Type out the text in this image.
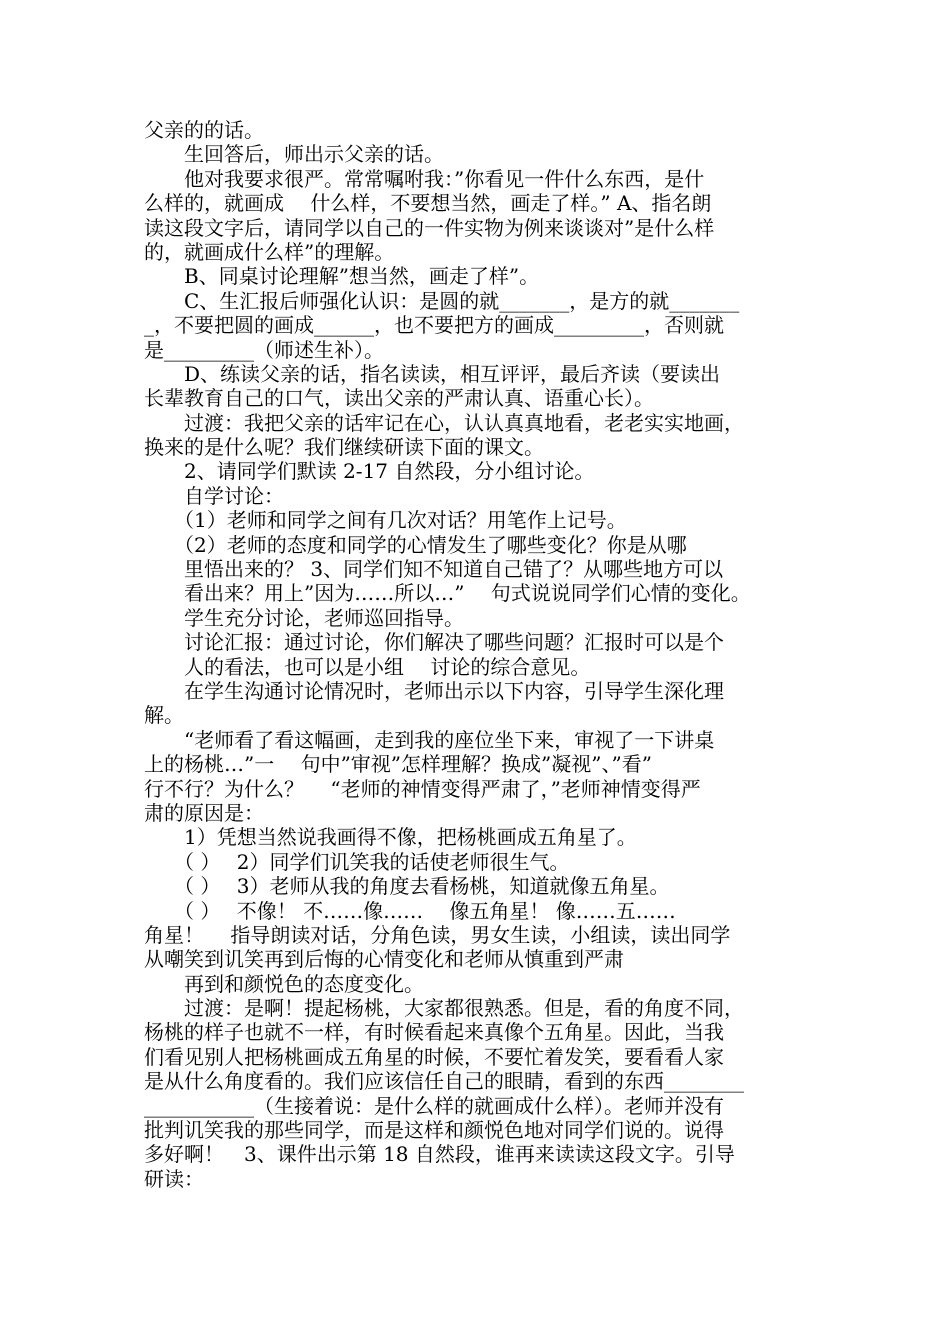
父亲的的话。
　　生回答后，师出示父亲的话。
　　他对我要求很严。常常嘱咐我：”你看见一件什么东西，是什
么样的，就画成　 什么样，不要想当然，画走了样。” A、指名朗
读这段文字后，请同学以自己的一件实物为例来谈谈对”是什么样
的，就画成什么样”的理解。
　　B、同桌讨论理解”想当然，画走了样”。
　　C、生汇报后师强化认识：是圆的就_______，是方的就_______
_，不要把圆的画成______，也不要把方的画成_________，否则就
是_________（师述生补）。
　　D、练读父亲的话，指名读读，相互评评，最后齐读（要读出
长辈教育自己的口气，读出父亲的严肃认真、语重心长）。
　　过渡：我把父亲的话牢记在心，认认真真地看，老老实实地画，
换来的是什么呢？我们继续研读下面的课文。
　　2、请同学们默读 2-17 自然段，分小组讨论。
　　自学讨论：
　　（1）老师和同学之间有几次对话？用笔作上记号。
　　（2）老师的态度和同学的心情发生了哪些变化？你是从哪
　　里悟出来的？ 3、同学们知不知道自己错了？从哪些地方可以
　　看出来？用上”因为……所以…”　 句式说说同学们心情的变化。
　　学生充分讨论，老师巡回指导。
　　讨论汇报：通过讨论，你们解决了哪些问题？汇报时可以是个
　　人的看法，也可以是小组　 讨论的综合意见。
　　在学生沟通讨论情况时，老师出示以下内容，引导学生深化理
解。
　　“老师看了看这幅画，走到我的座位坐下来，审视了一下讲桌
上的杨桃…”一　 句中”审视”怎样理解？换成”凝视”、”看”
行不行？为什么？　 “老师的神情变得严肃了，”老师神情变得严
肃的原因是：
　　1）凭想当然说我画得不像，把杨桃画成五角星了。
　　（ ）　 2）同学们讥笑我的话使老师很生气。
　　（ ）　 3）老师从我的角度去看杨桃，知道就像五角星。
　　（ ）　 不像！ 不……像……　 像五角星！ 像……五……
角星！　 指导朗读对话，分角色读，男女生读，小组读，读出同学
从嘲笑到讥笑再到后悔的心情变化和老师从慎重到严肃
　　再到和颜悦色的态度变化。
　　过渡：是啊！提起杨桃，大家都很熟悉。但是，看的角度不同，
杨桃的样子也就不一样，有时候看起来真像个五角星。因此，当我
们看见别人把杨桃画成五角星的时候，不要忙着发笑，要看看人家
是从什么角度看的。我们应该信任自己的眼睛，看到的东西________
___________（生接着说：是什么样的就画成什么样）。老师并没有
批判讥笑我的那些同学，而是这样和颜悦色地对同学们说的。说得
多好啊！　3、课件出示第 18 自然段，谁再来读读这段文字。引导
研读：
